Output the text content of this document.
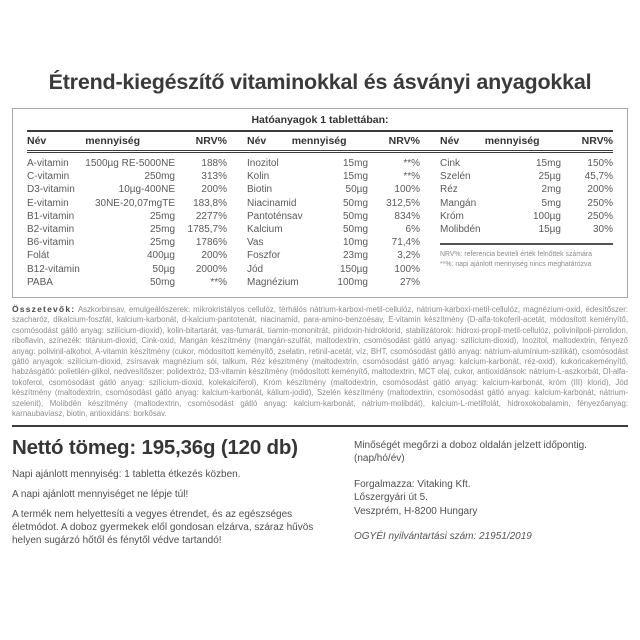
Étrend-kiegészítő vitaminokkal és ásványi anyagokkal
Hatóanyagok 1 tablettában:
Név	mennyiség	NRV% Név	mennyiség	NRV% Név	mennyiség	NRV%
A-vitamin	1500µg RE-5000NE	188%
C-vitamin	250mg	313%
D3-vitamin	10µg-400NE	200%
E-vitamin	30NE-20,07mgTE	183,8%
B1-vitamin	25mg	2277%
B2-vitamin	25mg	1785,7%
B6-vitamin	25mg	1786%
Folát	400µg	200%
B12-vitamin	50µg	2000%
PABA	50mg	**%
Inozitol	15mg	**%
Kolin	15mg	**%
Biotin	50µg	100%
Niacinamid	50mg	312,5%
Pantoténsav	50mg	834%
Kalcium	50mg	6%
Vas	10mg	71,4%
Foszfor	23mg	3,2%
Jód	150µg	100%
Magnézium	100mg	27%
Cink	15mg	150%
Szelén	25µg	45,7%
Réz	2mg	200%
Mangán	5mg	250%
Króm	100µg	250%
Molibdén	15µg	30%
NRV%: referencia beviteli érték felnőttek számára
**%: napi ajánlott mennyiség nincs meghatározva
Összetevők: Aszkorbinsav, emulgeálószerek: mikrokristályos cellulóz, térhálós nátrium-karboxi-metil-cellulóz, nátrium-karboxi-metil-cellulóz, magnézium-oxid, édesítőszer: szacharóz, dikalcium-foszfát, kalcium-karbonát, d-kalcium-pantotenát, niacinamid, para-amino-benzoésav, E-vitamin készítmény (D-alfa-tokoferil-acetát, módosított keményítő, csomósodást gátló anyag: szilícium-dioxid), kolin-bitartarát, vas-fumarát, tiamin-mononitrát, piridoxin-hidroklorid, stabilizátorok: hidroxi-propil-metil-cellulóz, polivinilpoli-pirrolidon, riboflavin, színezék: titánium-dioxid, Cink-oxid, Mangán készítmény (mangán-szulfát, maltodextrin, csomósodást gátló anyag: szilícium-dioxid), Inozitol, maltodextrin, fényező anyag: polivinil-alkohol, A-vitamin készítmény (cukor, módosított keményítő, zselatin, retinil-acetát, víz, BHT, csomósodást gátló anyag: nátrium-alumínium-szilikát), csomósodást gátló anyagok: szilícium-dioxid, zsírsavak magnézium sói, talkum, Réz készítmény (maltodextrin, csomósodást gátló anyag: kalcium-karbonát, réz-oxid), kukoricakeményítő, habzásgátló: polietilén-glikol, nedvesítőszer: polidextróz, D3-vitamin készítmény (módosított keményítő, maltodextrin, MCT olaj, cukor, antioxidánsok: nátrium-L-aszkorbát, Dl-alfa-tokoferol, csomósodást gátló anyag: szilícium-dioxid, kolekalciferol), Króm készítmény (maltodextrin, csomósodást gátló anyag: kalcium-karbonát, króm (III) klorid), Jód készítmény (maltodextrin, csomósodást gátló anyag: kalcium-karbonát, kálium-jodid), Szelén készítmény (maltodextrin, csomósodást gátló anyag: kalcium-karbonát, nátrium-szelenit), Molibdén készítmény (maltodextrin, csomósodást gátló anyag: kalcium-karbonát, nátrium-molibdát), kalcium-L-metilfolát, hidroxokobalamin, fényezőanyag: karnaubaviasz, biotin, antioxidáns: borkősav.
Nettó tömeg: 195,36g (120 db)
Napi ajánlott mennyiség: 1 tabletta étkezés közben.
A napi ajánlott mennyiséget ne lépje túl!
A termék nem helyettesíti a vegyes étrendet, és az egészséges életmódot. A doboz gyermekek elől gondosan elzárva, száraz hűvös helyen sugárzó hőtől és fénytől védve tartandó!
Minőségét megőrzi a doboz oldalán jelzett időpontig.
(nap/hó/év)
Forgalmazza: Vitaking Kft.
Lőszergyári út 5.
Veszprém, H-8200 Hungary
OGYÉI nyilvántartási szám: 21951/2019
